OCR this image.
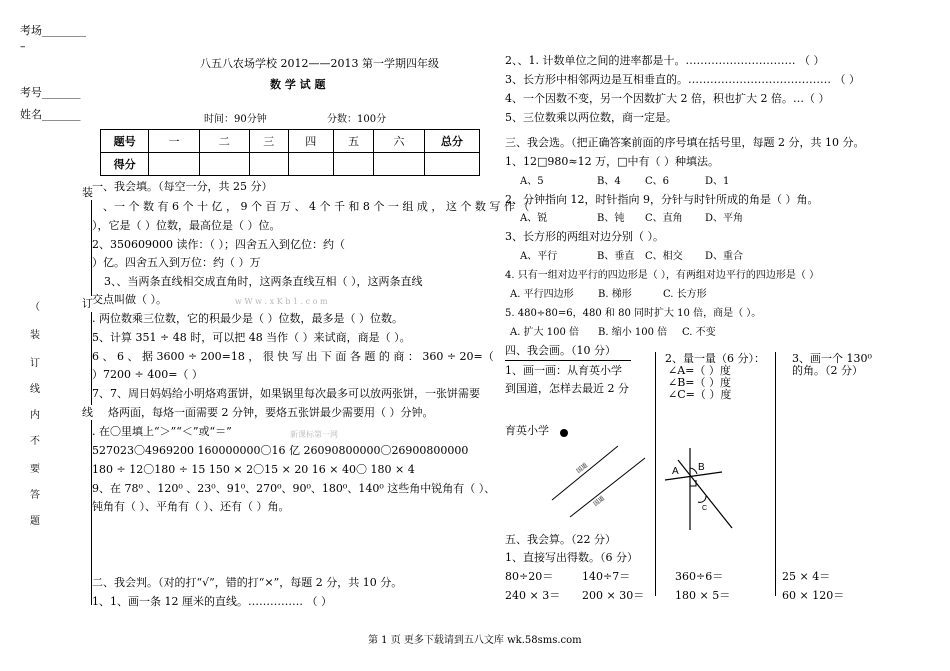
考场________
–
考号_______
姓名_______
（
装
订
线
内
不
要
答
题
装
订
线
八五八农场学校 2012——2013 第一学期四年级
数 学 试 题
时间：90分钟	分数：100分
题号	一	二	三	四	五	六	总分
得分							
一、我会填。（每空一分，共 25 分）
、一 个 数 有 6 个 十 亿 ， 9 个 百 万 、 4 个 千 和 8 个 一 组 成 ， 这 个 数 写 作 （
），它是（ ）位数，最高位是（ ）位。
2、350609000 读作：（ ）；四舍五入到亿位：约（
）亿。四舍五入到万位：约（ ）万
3、、当两条直线相交成直角时，这两条直线互相（ ），这两条直线
交点叫做（ ）。	w W w . x K b 1 . c o m
. 两位数乘三位数，它的积最少是（ ）位数，最多是（ ）位数。
5、计算 351 ÷ 48 时，可以把 48 当作（ ）来试商，商是（ ）。
6 、 6 、 据 3600 ÷ 200=18 ， 很 快 写 出 下 面 各 题 的 商 ： 360 ÷ 20=（
）7200 ÷ 400=（ ）
7、7、周日妈妈给小明烙鸡蛋饼，如果锅里每次最多可以放两张饼，一张饼需要
烙两面，每烙一面需要 2 分钟，要烙五张饼最少需要用（ ）分钟。
. 在〇里填上“＞”“＜”或“＝”	新课标第一网
527023〇4969200 160000000〇16 亿 26090800000〇26900800000
180 ÷ 12〇180 ÷ 15 150 × 2〇15 × 20 16 × 40〇 180 × 4
9、在 78⁰ 、120⁰ 、23⁰、91⁰、270⁰、90⁰、180⁰、140⁰ 这些角中锐角有（ ）、
钝角有（ ）、平角有（ ）、还有（ ）角。
二、我会判。（对的打“√”，错的打“×”，每题 2 分，共 10 分。
1、1、画一条 12 厘米的直线。…………… （ ）
2、、1. 计数单位之间的进率都是十。………………………… （ ）
3、长方形中相邻两边是互相垂直的。………………………………… （ ）
4、一个因数不变，另一个因数扩大 2 倍，积也扩大 2 倍。…（ ）
5、三位数乘以两位数，商一定是。
三、我会选。（把正确答案前面的序号填在括号里，每题 2 分，共 10 分。
1、12□980≈12 万，□中有（ ）种填法。
A、5	B、4 C、6	D、1
2、分钟指向 12，时针指向 9，分针与时针所成的角是（ ）角。
A、锐	B、钝 C、直角 D、平角
3、长方形的两组对边分别（ ）。
A、平行	B、垂直 C、相交 D、重合
4. 只有一组对边平行的四边形是（ ），有两组对边平行的四边形是（ ）
A. 平行四边形 B. 梯形	C. 长方形
5. 480÷80=6，480 和 80 同时扩大 10 倍，商是（ ）。
A. 扩大 100 倍 B. 缩小 100 倍 C. 不变
四、我会画。（10 分）
1、画一画：从育英小学
到国道，怎样去最近 2 分
育英小学
国道
国道
2、量一量（6 分）：
∠A=（ ）度
∠B=（ ）度
∠C=（ ）度
A B
C
3、画一个 130⁰
的角。（2 分）
五、我会算。（22 分）
1、直接写出得数。（6 分）
80÷20＝	140÷7＝	360÷6＝	25 × 4＝
240 × 3＝ 200 × 30＝	180 × 5＝	60 × 120＝
第 1 页 更多下载请到五八文库 wk.58sms.com
